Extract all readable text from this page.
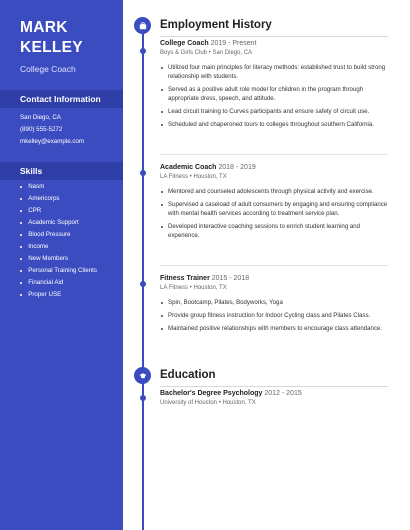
MARK
KELLEY
College Coach
Contact Information
San Diego, CA
(890) 555-5272
mkelley@example.com
Skills
Nasm
Americorps
CPR
Academic Support
Blood Pressure
Income
New Members
Personal Training Clients
Financial Aid
Proper USE
Employment History
College Coach 2019 - Present
Boys & Girls Club • San Diego, CA
Utilized four main principles for literacy methods: established trust to build strong relationship with students.
Served as a positive adult role model for children in the program through appropriate dress, speech, and attitude.
Lead circuit training to Curves participants and ensure safety of circuit use.
Scheduled and chaperoned tours to colleges throughout southern California.
Academic Coach 2018 - 2019
LA Fitness • Houston, TX
Mentored and counseled adolescents through physical activity and exercise.
Supervised a caseload of adult consumers by engaging and ensuring compliance with mental health services according to treatment service plan.
Developed interactive coaching sessions to enrich student learning and experience.
Fitness Trainer 2015 - 2018
LA Fitness • Houston, TX
Spin, Bootcamp, Pilates, Bodyworks, Yoga
Provide group fitness instruction for Indoor Cycling class and Pilates Class.
Maintained positive relationships with members to encourage class attendance.
Education
Bachelor's Degree Psychology 2012 - 2015
University of Houston • Houston, TX
